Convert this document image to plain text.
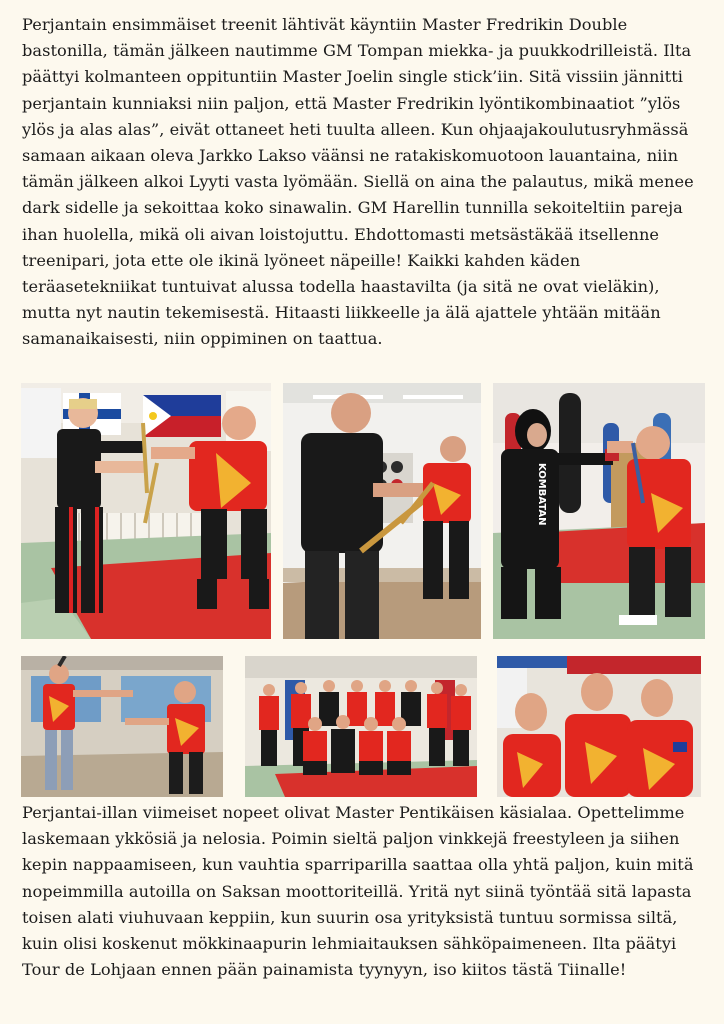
Perjantain ensimmäiset treenit lähtivät käyntiin Master Fredrikin Double bastonilla, tämän jälkeen nautimme GM Tompan miekka- ja puukkodrilleistä. Ilta päättyi kolmanteen oppituntiin Master Joelin single stick’iin. Sitä vissiin jännitti perjantain kunniaksi niin paljon, että Master Fredrikin lyöntikombinaatiot ”ylös ylös ja alas alas”, eivät ottaneet heti tuulta alleen. Kun ohjaajakoulutusryhmässä samaan aikaan oleva Jarkko Lakso väänsi ne ratakiskomuotoon lauantaina, niin tämän jälkeen alkoi Lyyti vasta lyömään. Siellä on aina the palautus, mikä menee dark sidelle ja sekoittaa koko sinawalin. GM Harellin tunnilla sekoiteltiin pareja ihan huolella, mikä oli aivan loistojuttu. Ehdottomasti metsästäkää itsellenne treenipari, jota ette ole ikinä lyöneet näpeille! Kaikki kahden käden teräasetekniikat tuntuivat alussa todella haastavilta (ja sitä ne ovat vieläkin), mutta nyt nautin tekemisestä. Hitaasti liikkeelle ja älä ajattele yhtään mitään samanaikaisesti, niin oppiminen on taattua.

KOMBATAN

Perjantai-illan viimeiset nopeet olivat Master Pentikäisen käsialaa. Opettelimme laskemaan ykkösiä ja nelosia. Poimin sieltä paljon vinkkejä freestyleen ja siihen kepin nappaamiseen, kun vauhtia sparriparilla saattaa olla yhtä paljon, kuin mitä nopeimmilla autoilla on Saksan moottoriteillä. Yritä nyt siinä työntää sitä lapasta toisen alati viuhuvaan keppiin, kun suurin osa yrityksistä tuntuu sormissa siltä, kuin olisi koskenut mökkinaapurin lehmiaitauksen sähköpaimeneen. Ilta päätyi Tour de Lohjaan ennen pään painamista tyynyyn, iso kiitos tästä Tiinalle!
